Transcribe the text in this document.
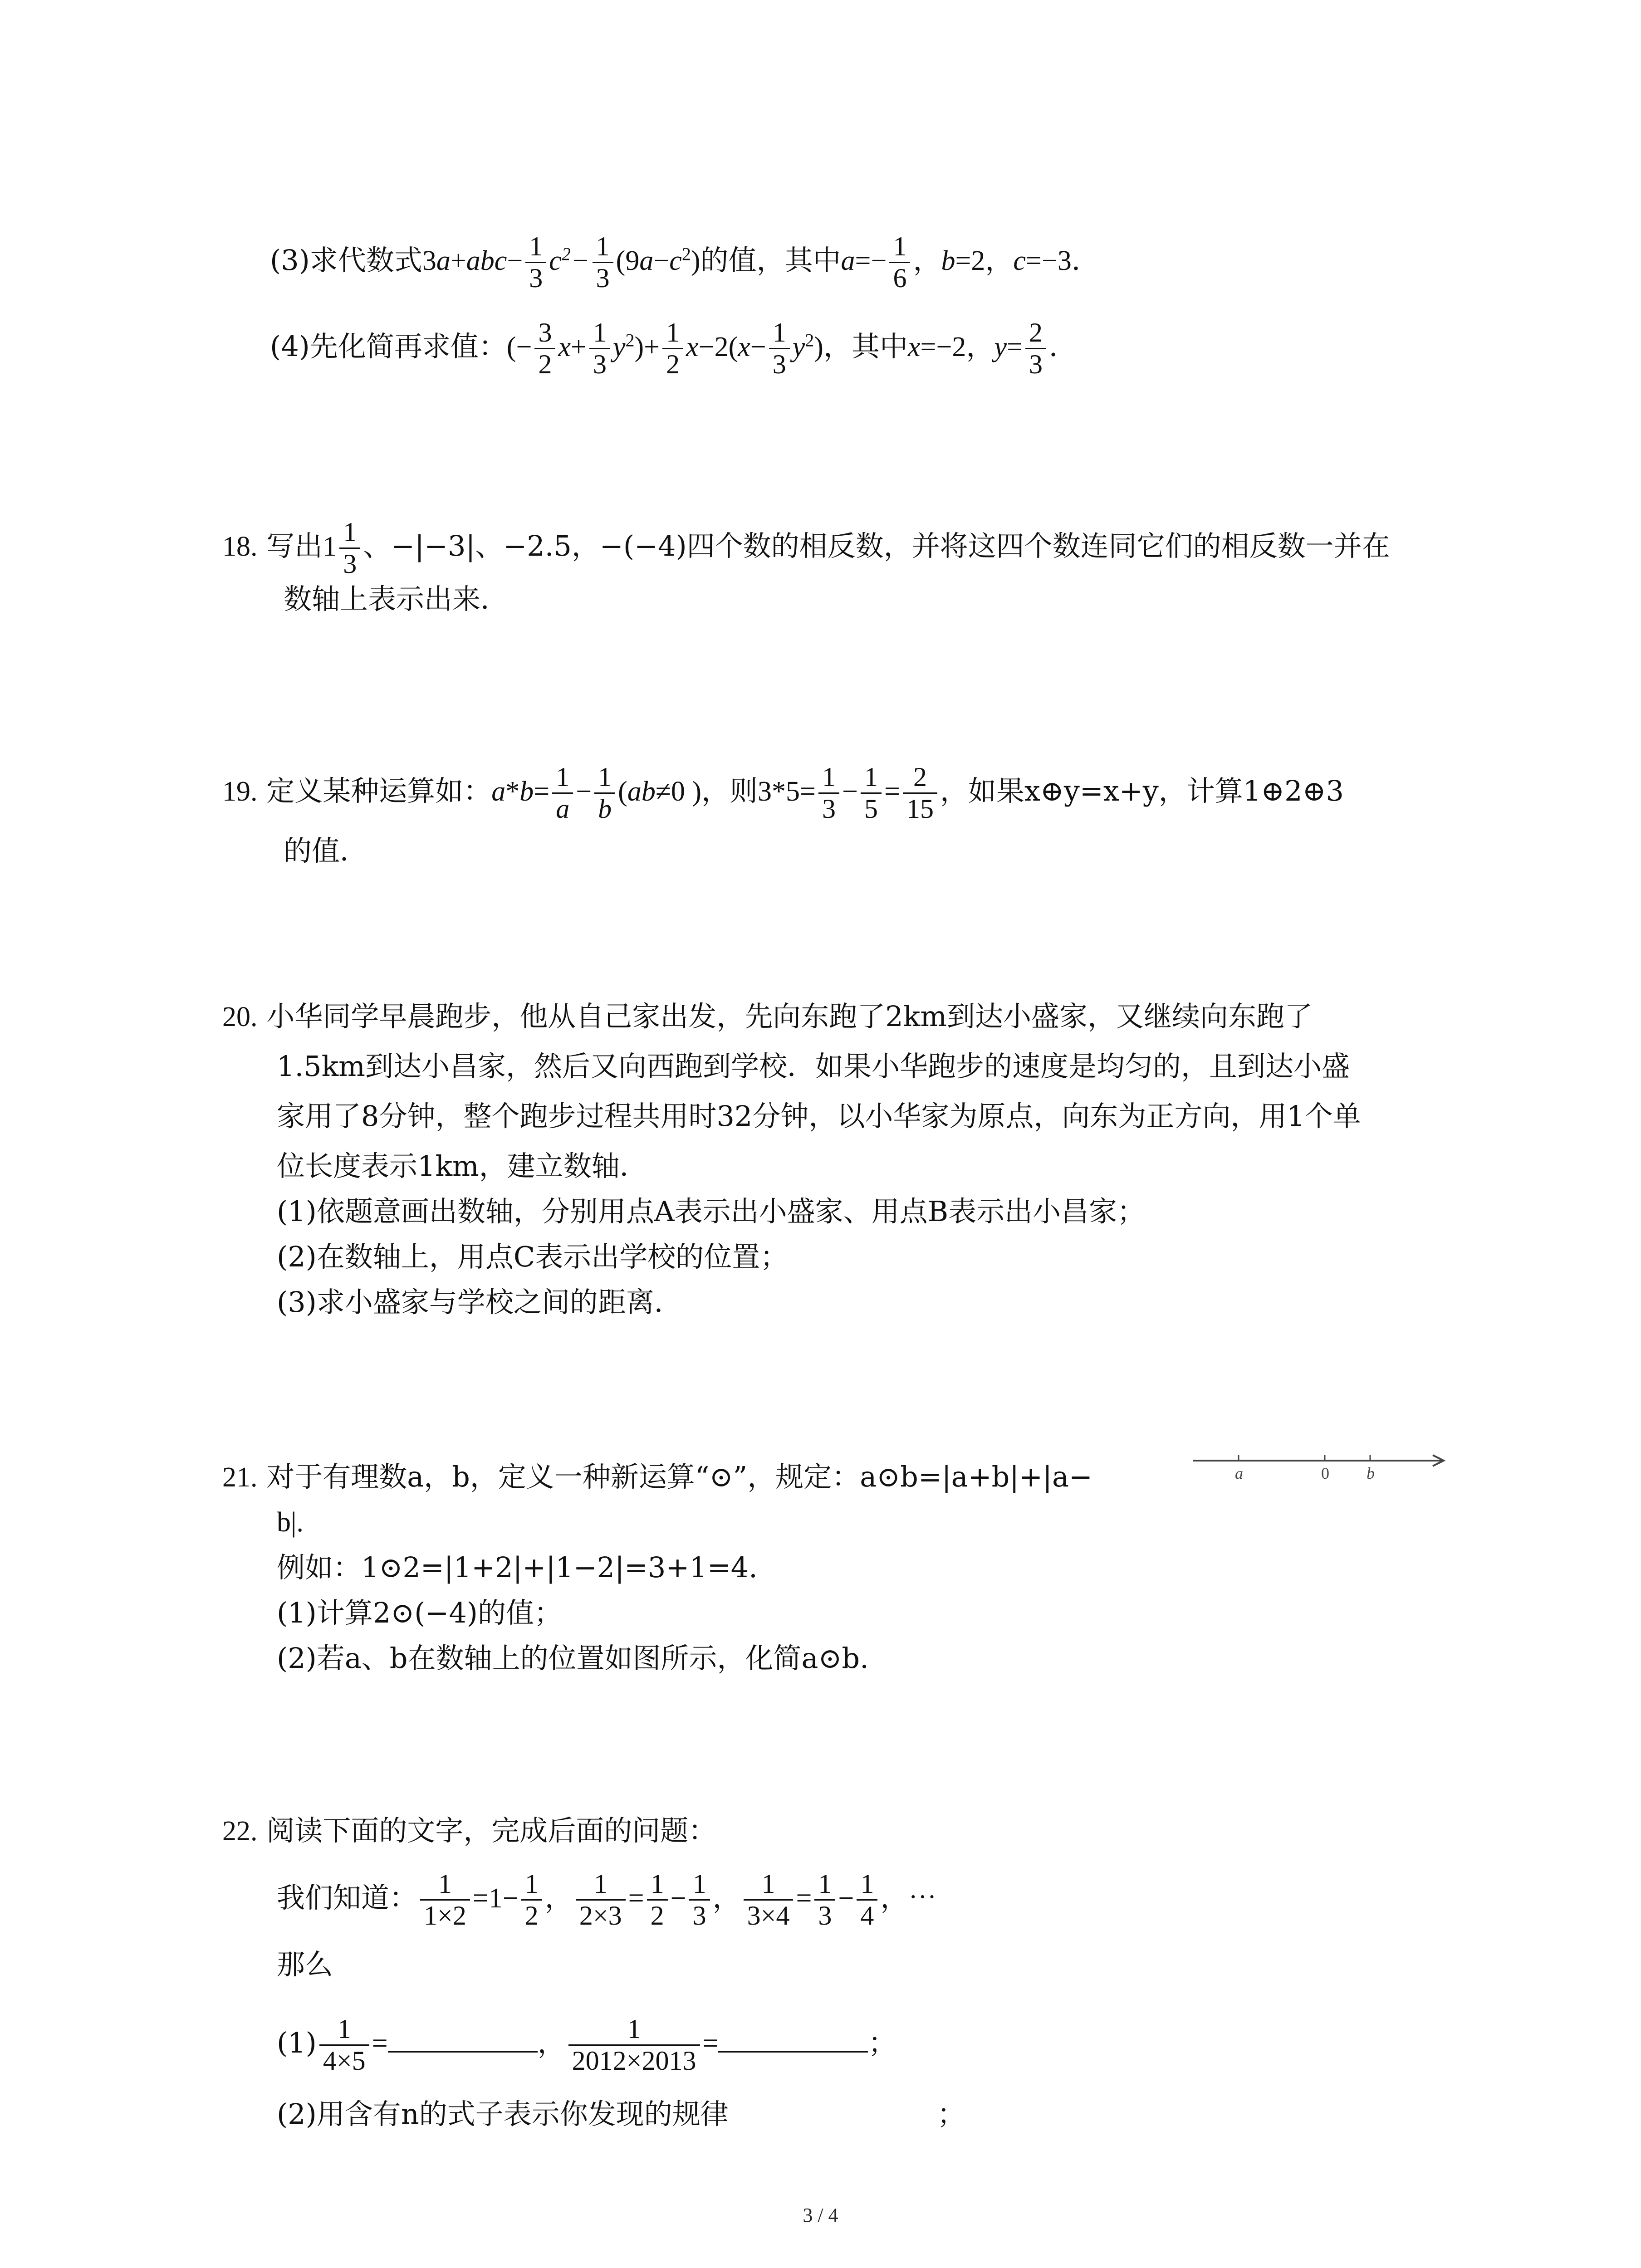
(3)求代数式$3a+abc- \frac{1}{3} c^2- \frac{1}{3} (9a-c^2)$的值，其中$a=- \frac{1}{6}$ ，b=2，c=−3．
(4)先化简再求值：(− $\frac{3}{2} x+ \frac{1}{3} y^2)+ \frac{1}{2} x-2(x- \frac{1}{3} y^2)$，其中x=−2，$y= \frac{2}{3}$ ．
18. 写出$1 \frac{1}{3}$ 、−|−3|、−2.5，−(−4)四个数的相反数，并将这四个数连同它们的相反数一并在
数轴上表示出来．
19. 定义某种运算如：$a*b= \frac{1}{a} - \frac{1}{b} (ab\ne 0$ )，则$3*5= \frac{1}{3} - \frac{1}{5} = \frac{2}{15}$ ，如果x⊕y=x+y，计算1⊕2⊕3
的值．
20. 小华同学早晨跑步，他从自己家出发，先向东跑了2km到达小盛家，又继续向东跑了
1.5km到达小昌家，然后又向西跑到学校．如果小华跑步的速度是均匀的，且到达小盛
家用了8分钟，整个跑步过程共用时32分钟，以小华家为原点，向东为正方向，用1个单
位长度表示1km，建立数轴．
(1)依题意画出数轴，分别用点A表示出小盛家、用点B表示出小昌家；
(2)在数轴上，用点C表示出学校的位置；
(3)求小盛家与学校之间的距离．
21. 对于有理数a，b，定义一种新运算“⊙”，规定：a⊙b=|a+b|+|a−
b|.
例如：1⊙2=|1+2|+|1−2|=3+1=4.
(1)计算2⊙(−4)的值；
(2)若a、b在数轴上的位置如图所示，化简a⊙b.
a	0 b
22. 阅读下面的文字，完成后面的问题：
我们知道： $\frac{1}{1\times 2} =1- \frac{1}{2}$ ， $\frac{1}{2\times 3} = \frac{1}{2} - \frac{1}{3}$ ， $\frac{1}{3\times 4} = \frac{1}{3} - \frac{1}{4}$ ，⋯
那么
$(1) \frac{1}{4\times 5}$ =	， $\frac{1}{2012\times 2013}$ =	；
(2)用含有n的式子表示你发现的规律	；
3 / 4
